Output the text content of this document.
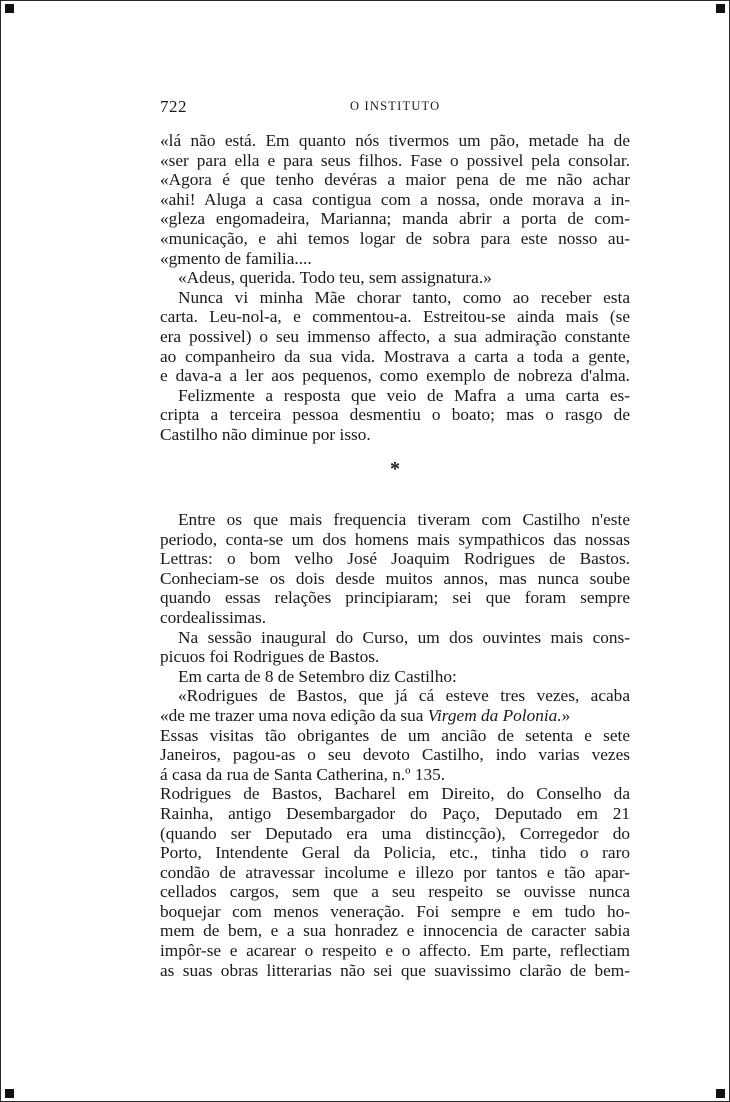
722	O INSTITUTO
«lá não está. Em quanto nós tivermos um pão, metade ha de
«ser para ella e para seus filhos. Fase o possivel pela consolar.
«Agora é que tenho devéras a maior pena de me não achar
«ahi! Aluga a casa contigua com a nossa, onde morava a in-
«gleza engomadeira, Marianna; manda abrir a porta de com-
«municação, e ahi temos logar de sobra para este nosso au-
«gmento de familia....
«Adeus, querida. Todo teu, sem assignatura.»
Nunca vi minha Mãe chorar tanto, como ao receber esta
carta. Leu-nol-a, e commentou-a. Estreitou-se ainda mais (se
era possivel) o seu immenso affecto, a sua admiração constante
ao companheiro da sua vida. Mostrava a carta a toda a gente,
e dava-a a ler aos pequenos, como exemplo de nobreza d'alma.
Felizmente a resposta que veio de Mafra a uma carta es-
cripta a terceira pessoa desmentiu o boato; mas o rasgo de
Castilho não diminue por isso.
*
Entre os que mais frequencia tiveram com Castilho n'este
periodo, conta-se um dos homens mais sympathicos das nossas
Lettras: o bom velho José Joaquim Rodrigues de Bastos.
Conheciam-se os dois desde muitos annos, mas nunca soube
quando essas relações principiaram; sei que foram sempre
cordealissimas.
Na sessão inaugural do Curso, um dos ouvintes mais cons-
picuos foi Rodrigues de Bastos.
Em carta de 8 de Setembro diz Castilho:
«Rodrigues de Bastos, que já cá esteve tres vezes, acaba
«de me trazer uma nova edição da sua Virgem da Polonia.»
Essas visitas tão obrigantes de um ancião de setenta e sete
Janeiros, pagou-as o seu devoto Castilho, indo varias vezes
á casa da rua de Santa Catherina, n.º 135.
Rodrigues de Bastos, Bacharel em Direito, do Conselho da
Rainha, antigo Desembargador do Paço, Deputado em 21
(quando ser Deputado era uma distincção), Corregedor do
Porto, Intendente Geral da Policia, etc., tinha tido o raro
condão de atravessar incolume e illezo por tantos e tão apar-
cellados cargos, sem que a seu respeito se ouvisse nunca
boquejar com menos veneração. Foi sempre e em tudo ho-
mem de bem, e a sua honradez e innocencia de caracter sabia
impôr-se e acarear o respeito e o affecto. Em parte, reflectiam
as suas obras litterarias não sei que suavissimo clarão de bem-
